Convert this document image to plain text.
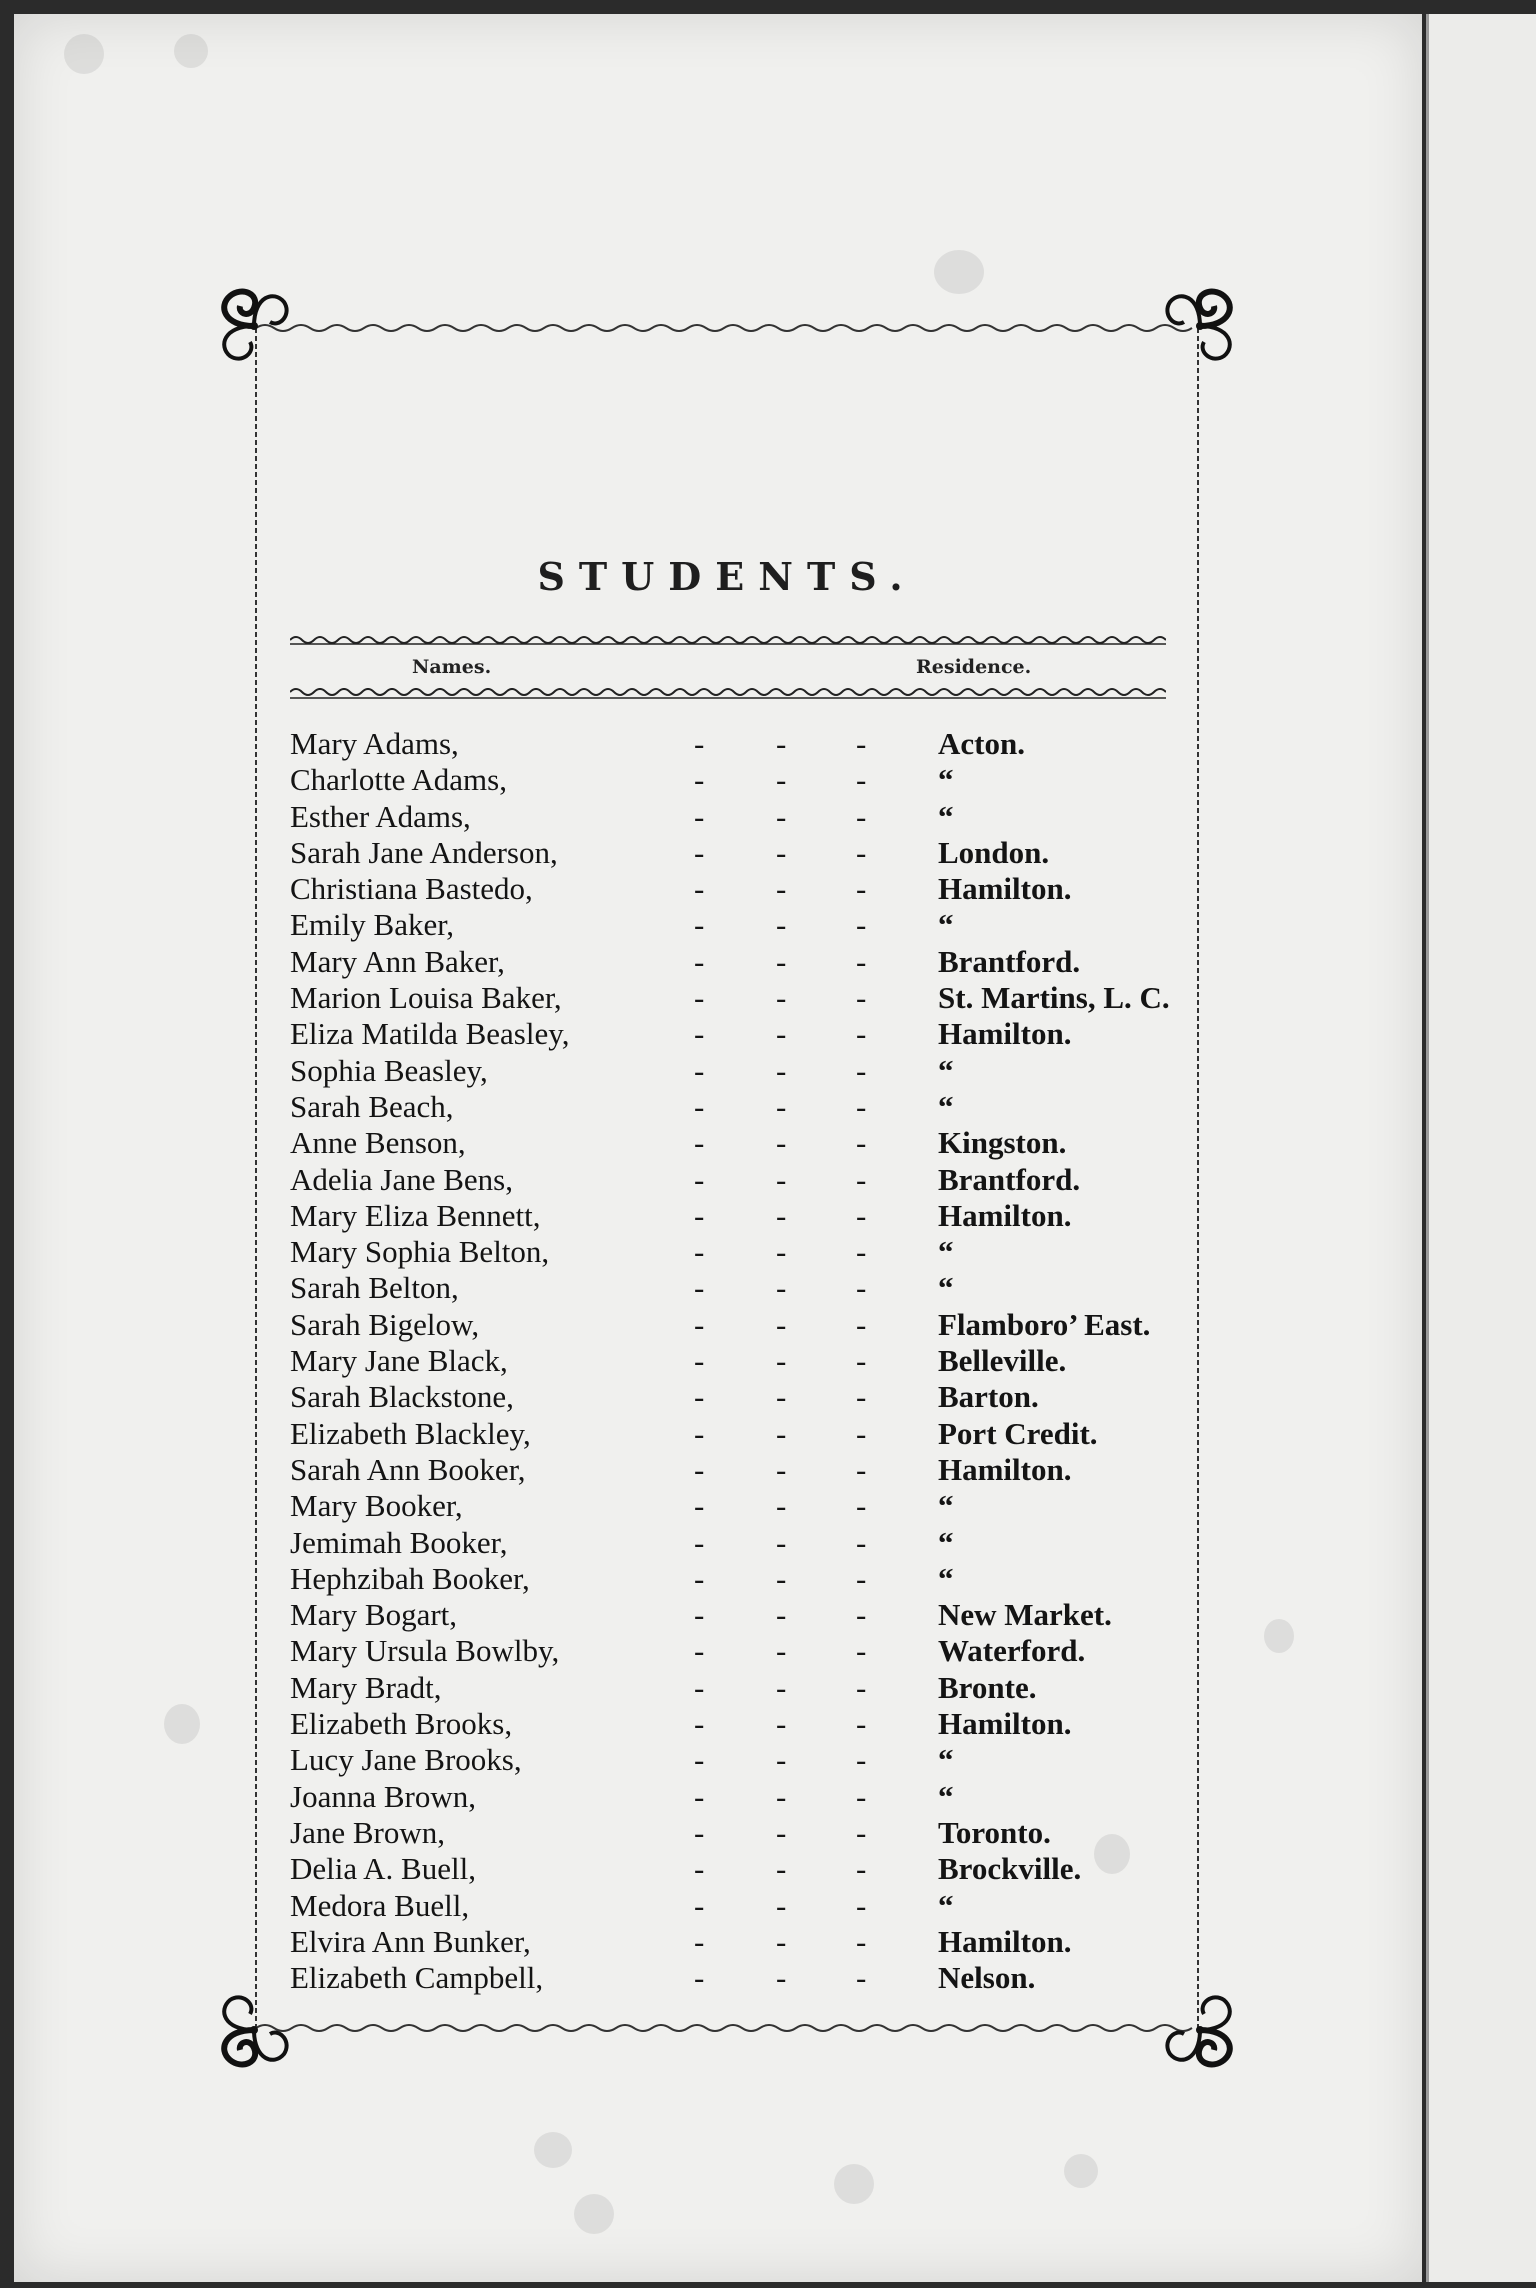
STUDENTS.
Names.	Residence.
Mary Adams,	- - - Acton.
Charlotte Adams,	- - - “
Esther Adams,	- - - “
Sarah Jane Anderson,	- - - London.
Christiana Bastedo,	- - - Hamilton.
Emily Baker,	- - - “
Mary Ann Baker,	- - - Brantford.
Marion Louisa Baker,	- - - St. Martins, L. C.
Eliza Matilda Beasley,	- - - Hamilton.
Sophia Beasley,	- - - “
Sarah Beach,	- - - “
Anne Benson,	- - - Kingston.
Adelia Jane Bens,	- - - Brantford.
Mary Eliza Bennett,	- - - Hamilton.
Mary Sophia Belton,	- - - “
Sarah Belton,	- - - “
Sarah Bigelow,	- - - Flamboro’ East.
Mary Jane Black,	- - - Belleville.
Sarah Blackstone,	- - - Barton.
Elizabeth Blackley,	- - - Port Credit.
Sarah Ann Booker,	- - - Hamilton.
Mary Booker,	- - - “
Jemimah Booker,	- - - “
Hephzibah Booker,	- - - “
Mary Bogart,	- - - New Market.
Mary Ursula Bowlby,	- - - Waterford.
Mary Bradt,	- - - Bronte.
Elizabeth Brooks,	- - - Hamilton.
Lucy Jane Brooks,	- - - “
Joanna Brown,	- - - “
Jane Brown,	- - - Toronto.
Delia A. Buell,	- - - Brockville.
Medora Buell,	- - - “
Elvira Ann Bunker,	- - - Hamilton.
Elizabeth Campbell,	- - - Nelson.
